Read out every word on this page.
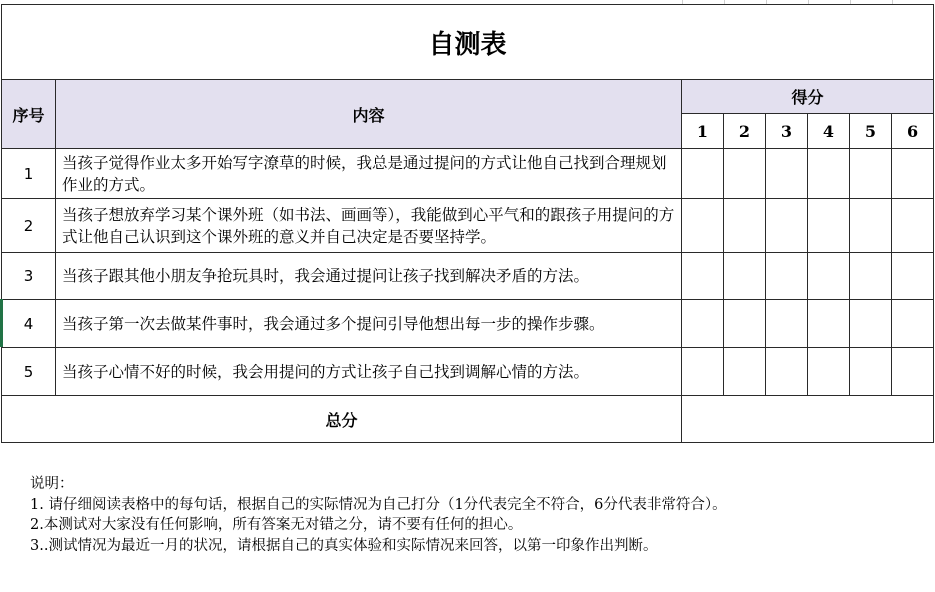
自测表							
序号	内容	得分					
		1	2	3	4	5	6
1	当孩子觉得作业太多开始写字潦草的时候，我总是通过提问的方式让他自己找到合理规划作业的方式。						
2	当孩子想放弃学习某个课外班（如书法、画画等），我能做到心平气和的跟孩子用提问的方式让他自己认识到这个课外班的意义并自己决定是否要坚持学。						
3	当孩子跟其他小朋友争抢玩具时，我会通过提问让孩子找到解决矛盾的方法。						
4	当孩子第一次去做某件事时，我会通过多个提问引导他想出每一步的操作步骤。						
5	当孩子心情不好的时候，我会用提问的方式让孩子自己找到调解心情的方法。						
总分							
说明：
1. 请仔细阅读表格中的每句话，根据自己的实际情况为自己打分（1分代表完全不符合，6分代表非常符合）。
2.本测试对大家没有任何影响，所有答案无对错之分，请不要有任何的担心。
3..测试情况为最近一月的状况，请根据自己的真实体验和实际情况来回答，以第一印象作出判断。
